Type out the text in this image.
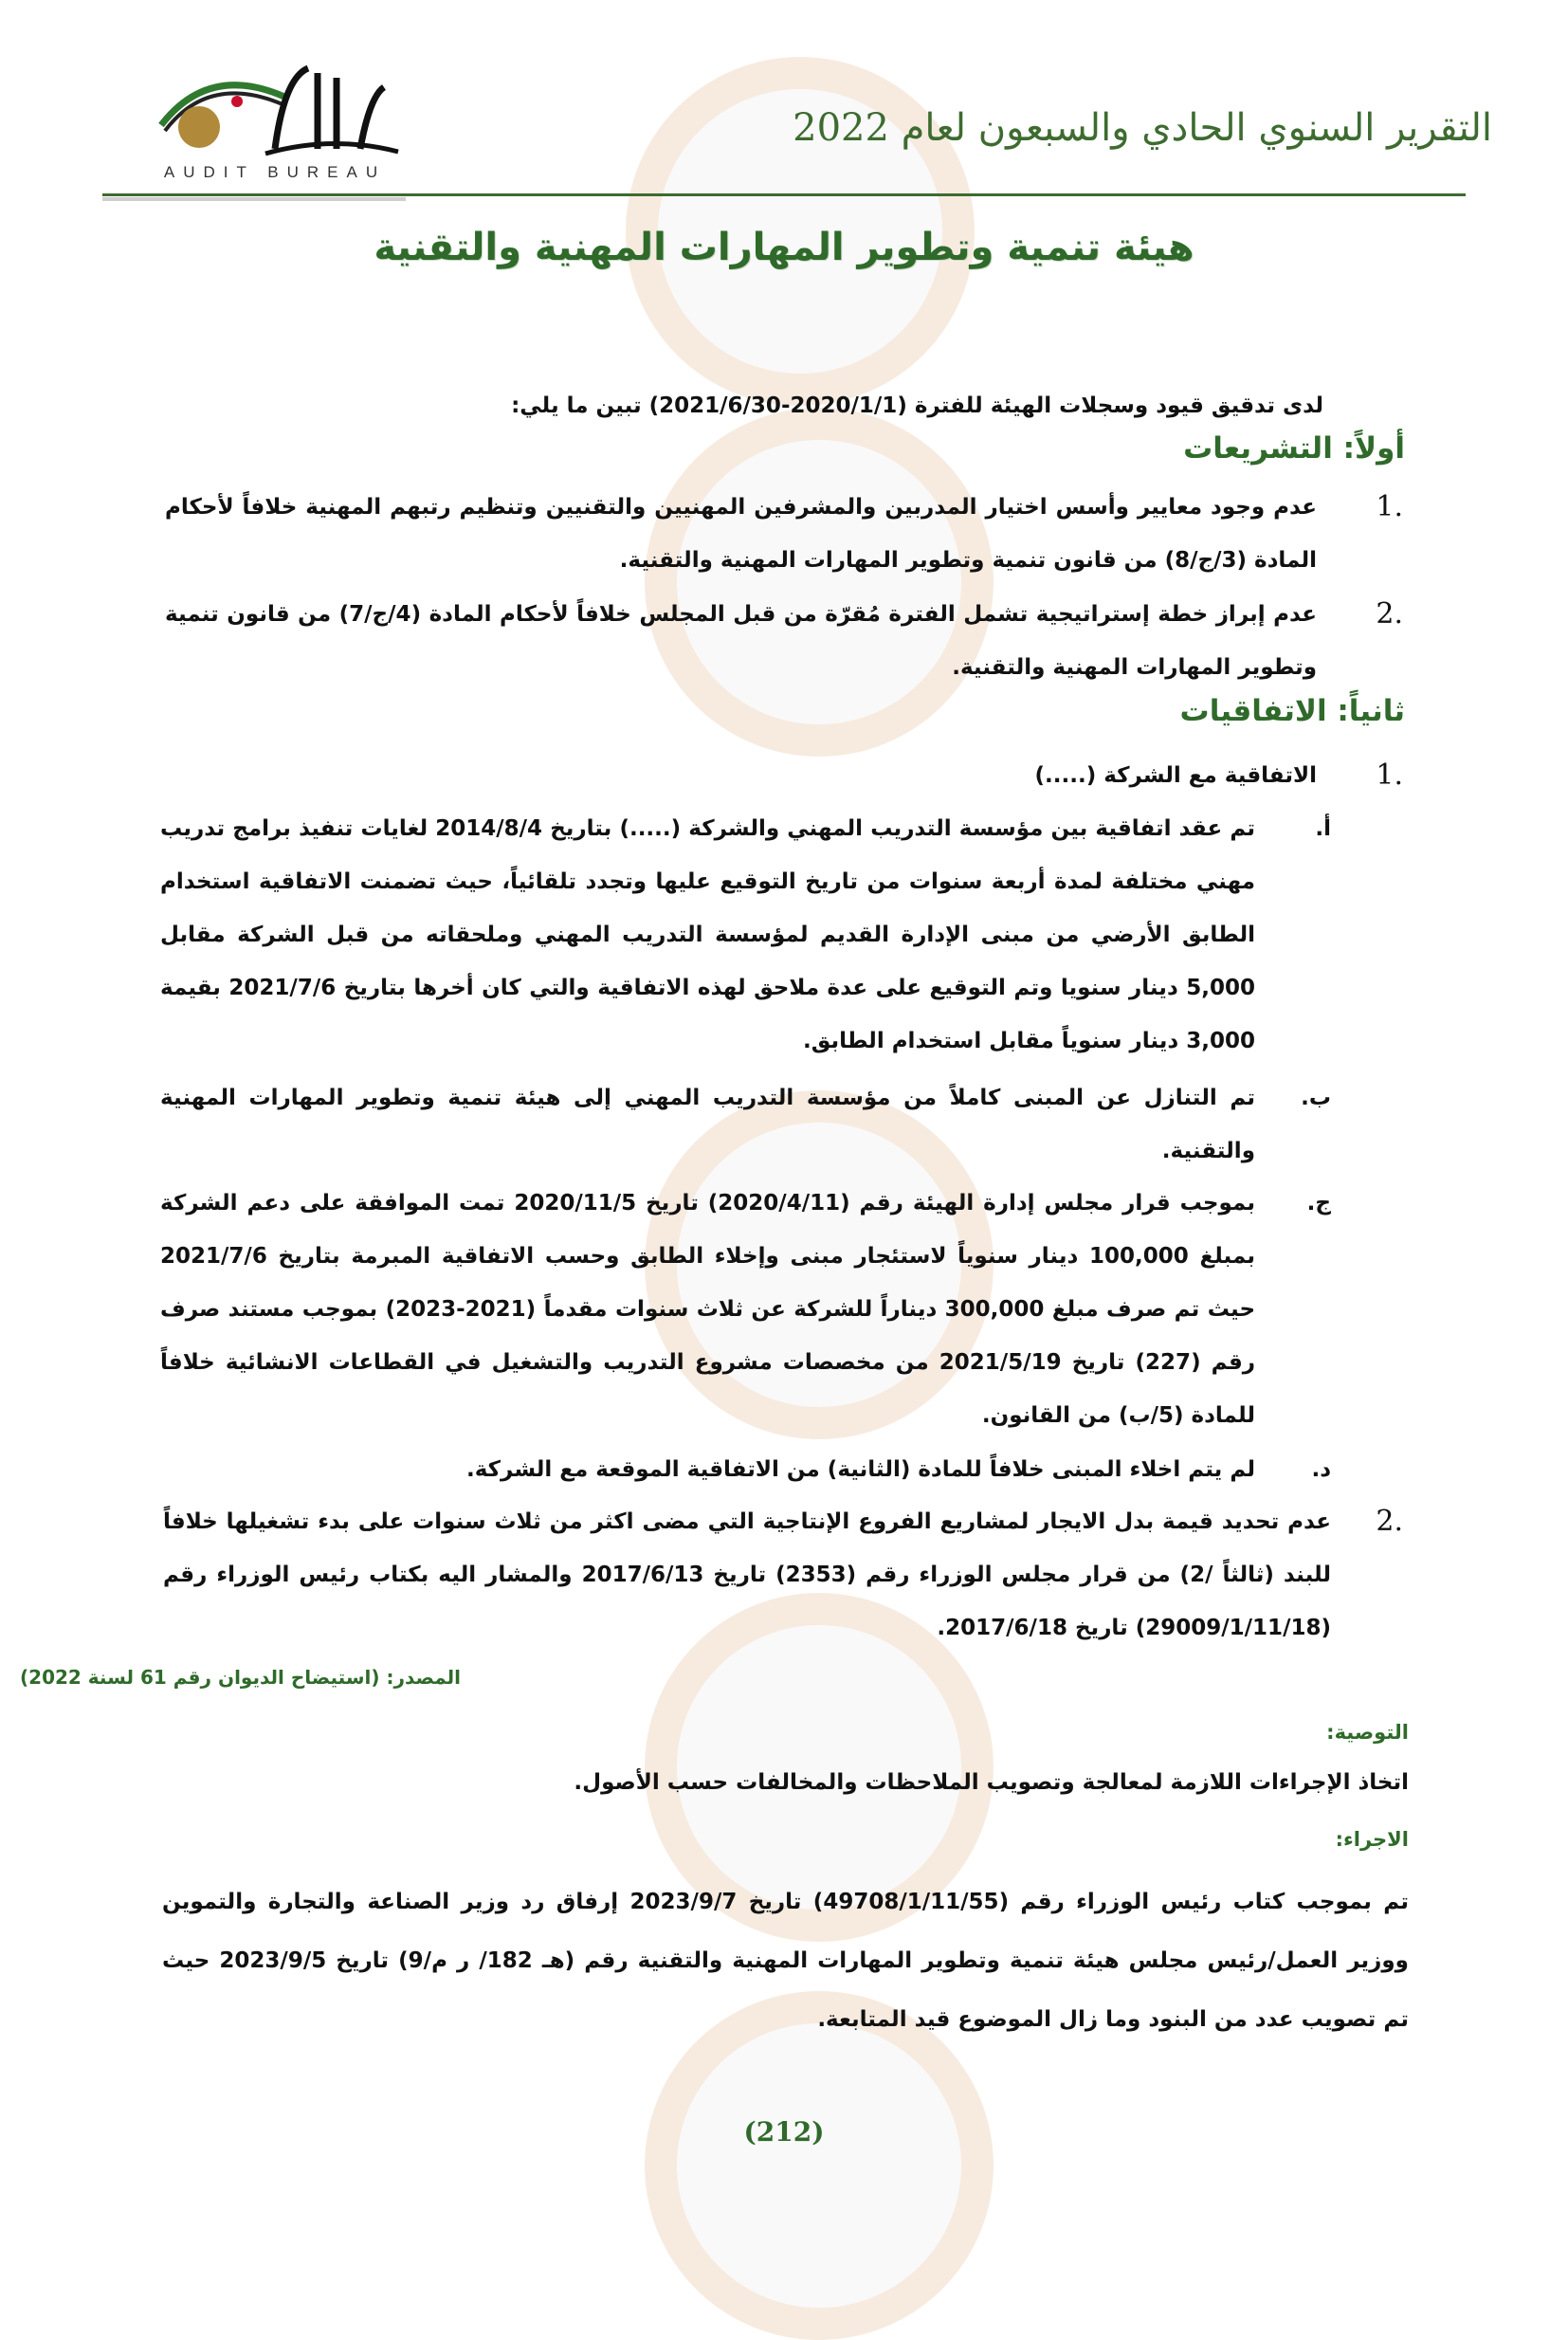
AUDIT BUREAU
التقرير السنوي الحادي والسبعون لعام 2022
هيئة تنمية وتطوير المهارات المهنية والتقنية
لدى تدقيق قيود وسجلات الهيئة للفترة (2020/1/1-2021/6/30) تبين ما يلي:
أولاً: التشريعات
1.
عدم وجود معايير وأسس اختيار المدربين والمشرفين المهنيين والتقنيين وتنظيم رتبهم المهنية خلافاً لأحكام المادة (3/ج/8) من قانون تنمية وتطوير المهارات المهنية والتقنية.
2.
عدم إبراز خطة إستراتيجية تشمل الفترة مُقرّة من قبل المجلس خلافاً لأحكام المادة (4/ج/7) من قانون تنمية وتطوير المهارات المهنية والتقنية.
ثانياً: الاتفاقيات
1.
الاتفاقية مع الشركة (.....)
أ.
تم عقد اتفاقية بين مؤسسة التدريب المهني والشركة (.....) بتاريخ 2014/8/4 لغايات تنفيذ برامج تدريب مهني مختلفة لمدة أربعة سنوات من تاريخ التوقيع عليها وتجدد تلقائياً، حيث تضمنت الاتفاقية استخدام الطابق الأرضي من مبنى الإدارة القديم لمؤسسة التدريب المهني وملحقاته من قبل الشركة مقابل 5,000 دينار سنويا وتم التوقيع على عدة ملاحق لهذه الاتفاقية والتي كان أخرها بتاريخ 2021/7/6 بقيمة 3,000 دينار سنوياً مقابل استخدام الطابق.
ب.
تم التنازل عن المبنى كاملاً من مؤسسة التدريب المهني إلى هيئة تنمية وتطوير المهارات المهنية والتقنية.
ج.
بموجب قرار مجلس إدارة الهيئة رقم (2020/4/11) تاريخ 2020/11/5 تمت الموافقة على دعم الشركة بمبلغ 100,000 دينار سنوياً لاستئجار مبنى وإخلاء الطابق وحسب الاتفاقية المبرمة بتاريخ 2021/7/6 حيث تم صرف مبلغ 300,000 ديناراً للشركة عن ثلاث سنوات مقدماً (2021-2023) بموجب مستند صرف رقم (227) تاريخ 2021/5/19 من مخصصات مشروع التدريب والتشغيل في القطاعات الانشائية خلافاً للمادة (5/ب) من القانون.
د.
لم يتم اخلاء المبنى خلافاً للمادة (الثانية) من الاتفاقية الموقعة مع الشركة.
2.
عدم تحديد قيمة بدل الايجار لمشاريع الفروع الإنتاجية التي مضى اكثر من ثلاث سنوات على بدء تشغيلها خلافاً للبند (ثالثاً /2) من قرار مجلس الوزراء رقم (2353) تاريخ 2017/6/13 والمشار اليه بكتاب رئيس الوزراء رقم (29009/1/11/18) تاريخ 2017/6/18.
المصدر: (استيضاح الديوان رقم 61 لسنة 2022)
التوصية:
اتخاذ الإجراءات اللازمة لمعالجة وتصويب الملاحظات والمخالفات حسب الأصول.
الاجراء:
تم بموجب كتاب رئيس الوزراء رقم (49708/1/11/55) تاريخ 2023/9/7 إرفاق رد وزير الصناعة والتجارة والتموين ووزير العمل/رئيس مجلس هيئة تنمية وتطوير المهارات المهنية والتقنية رقم (هـ 182/ ر م/9) تاريخ 2023/9/5 حيث تم تصويب عدد من البنود وما زال الموضوع قيد المتابعة.
(212)
